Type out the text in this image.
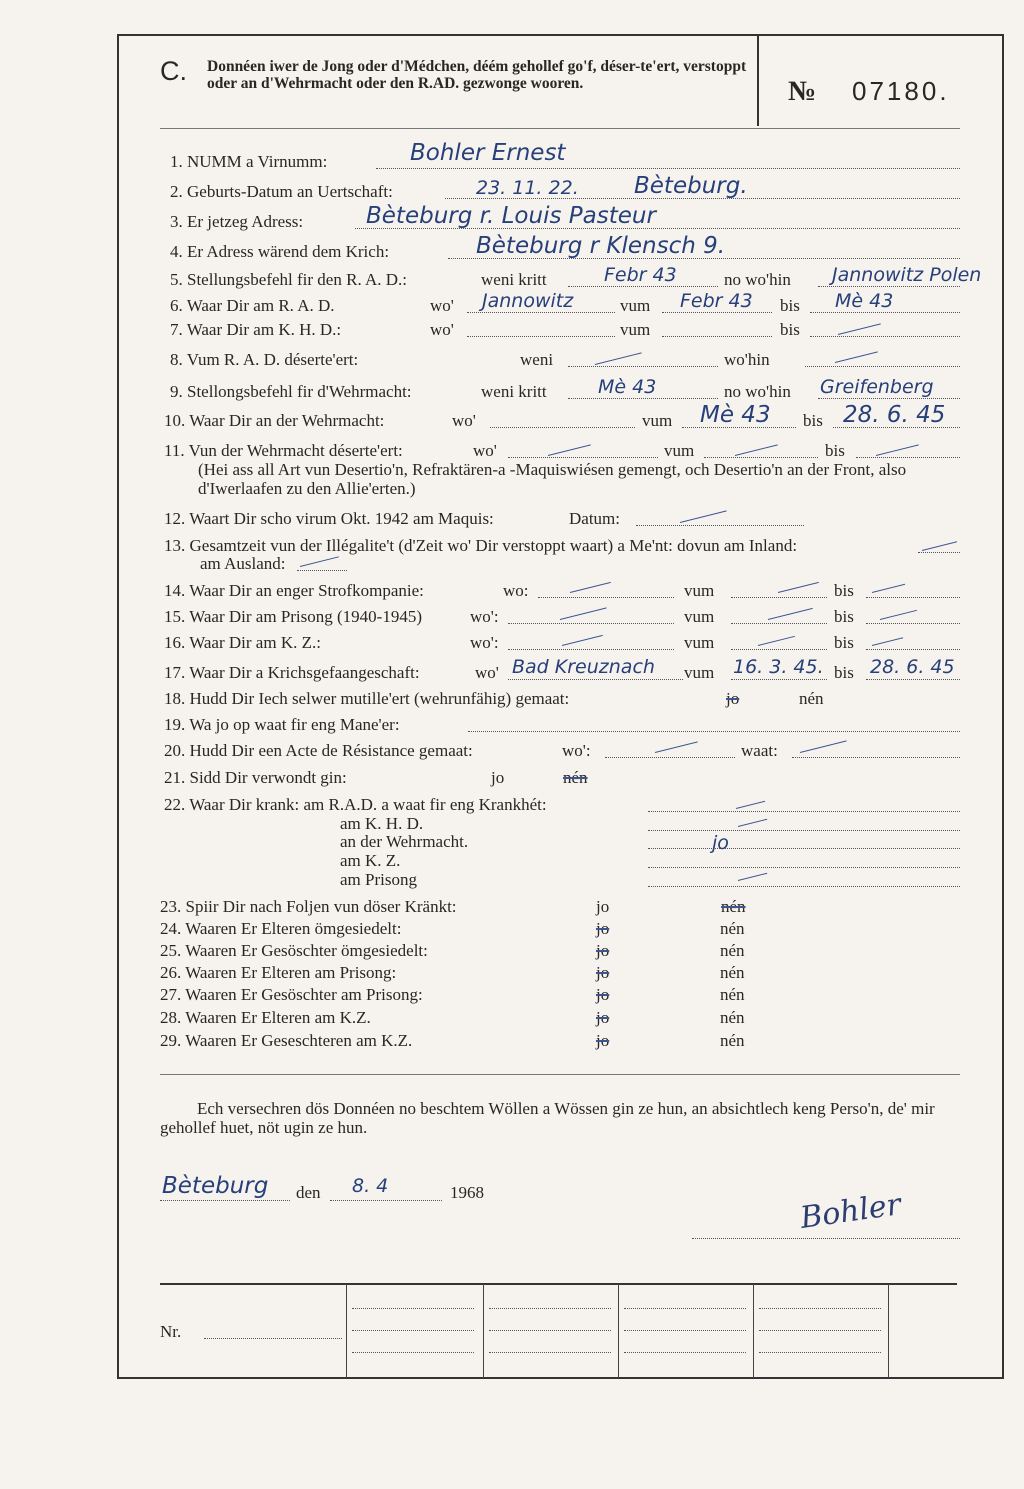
C. Donnéen iwer de Jong oder d'Médchen, déém gehollef go'f, déser-te'ert, verstoppt oder an d'Wehrmacht oder den R.AD. gezwonge wooren.	№ 07180.
1. NUMM a Virnumm:	Bohler Ernest
2. Geburts-Datum an Uertschaft:	23. 11. 22. Bèteburg.
3. Er jetzeg Adress:	Bèteburg r. Louis Pasteur
4. Er Adress wärend dem Krich:	Bèteburg r Klensch 9.
5. Stellungsbefehl fir den R. A. D.:	weni kritt	Febr 43	no wo'hin Jannowitz Polen
6. Waar Dir am R. A. D.	wo' Jannowitz	vum Febr 43 bis Mè 43
7. Waar Dir am K. H. D.:	wo'	vum	bis
8. Vum R. A. D. déserte'ert:	weni	wo'hin
9. Stellongsbefehl fir d'Wehrmacht:	weni kritt	Mè 43	no wo'hin Greifenberg
10. Waar Dir an der Wehrmacht:	wo'	vum Mè 43 bis 28. 6. 45
11. Vun der Wehrmacht déserte'ert:	wo'	vum	bis
(Hei ass all Art vun Desertio'n, Refraktären-a -Maquiswiésen gemengt, och Desertio'n an der Front, also d'Iwerlaafen zu den Allie'erten.)
12. Waart Dir scho virum Okt. 1942 am Maquis:	Datum:
13. Gesamtzeit vun der Illégalite't (d'Zeit wo' Dir verstoppt waart) a Me'nt: dovun am Inland:
am Ausland:
14. Waar Dir an enger Strofkompanie:	wo:	vum	bis
15. Waar Dir am Prisong (1940-1945)	wo':	vum	bis
16. Waar Dir am K. Z.:	wo':	vum	bis
17. Waar Dir a Krichsgefaangeschaft:	wo' Bad Kreuznach vum 16. 3. 45. bis 28. 6. 45
18. Hudd Dir Iech selwer mutille'ert (wehrunfähig) gemaat:	jo	nén
19. Wa jo op waat fir eng Mane'er:
20. Hudd Dir een Acte de Résistance gemaat:	wo':	waat:
21. Sidd Dir verwondt gin:	jo	nén
22. Waar Dir krank: am R.A.D. a waat fir eng Krankhét:
am K. H. D.
an der Wehrmacht.	jo
am K. Z.
am Prisong
23. Spiir Dir nach Foljen vun döser Kränkt:	jo	nén
24. Waaren Er Elteren ömgesiedelt:	jo	nén
25. Waaren Er Gesöschter ömgesiedelt:	jo	nén
26. Waaren Er Elteren am Prisong:	jo	nén
27. Waaren Er Gesöschter am Prisong:	jo	nén
28. Waaren Er Elteren am K.Z.	jo	nén
29. Waaren Er Geseschteren am K.Z.	jo	nén
Ech versechren dös Donnéen no beschtem Wöllen a Wössen gin ze hun, an absichtlech keng Perso'n, de' mir gehollef huet, nöt ugin ze hun.
Bèteburg den 8. 4	1968	Bohler
Nr.
